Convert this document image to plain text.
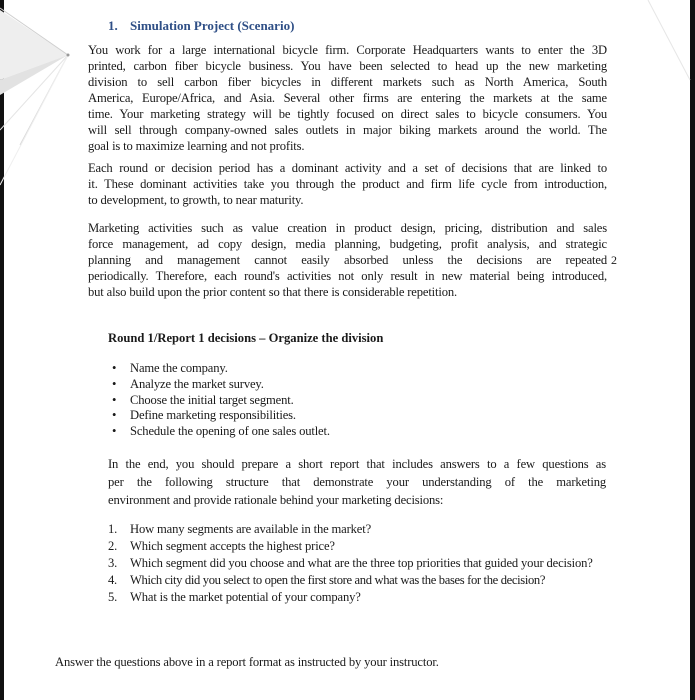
1. Simulation Project (Scenario)
You work for a large international bicycle firm. Corporate Headquarters wants to enter the 3D
printed, carbon fiber bicycle business. You have been selected to head up the new marketing
division to sell carbon fiber bicycles in different markets such as North America, South
America, Europe/Africa, and Asia. Several other firms are entering the markets at the same
time. Your marketing strategy will be tightly focused on direct sales to bicycle consumers. You
will sell through company-owned sales outlets in major biking markets around the world. The
goal is to maximize learning and not profits.
Each round or decision period has a dominant activity and a set of decisions that are linked to
it. These dominant activities take you through the product and firm life cycle from introduction,
to development, to growth, to near maturity.
Marketing activities such as value creation in product design, pricing, distribution and sales
force management, ad copy design, media planning, budgeting, profit analysis, and strategic
planning and management cannot easily absorbed unless the decisions are repeated
periodically. Therefore, each round's activities not only result in new material being introduced,
but also build upon the prior content so that there is considerable repetition.
2
Round 1/Report 1 decisions – Organize the division
• Name the company.
• Analyze the market survey.
• Choose the initial target segment.
• Define marketing responsibilities.
• Schedule the opening of one sales outlet.
In the end, you should prepare a short report that includes answers to a few questions as
per the following structure that demonstrate your understanding of the marketing
environment and provide rationale behind your marketing decisions:
1. How many segments are available in the market?
2. Which segment accepts the highest price?
3. Which segment did you choose and what are the three top priorities that guided your decision?
4. Which city did you select to open the first store and what was the bases for the decision?
5. What is the market potential of your company?
Answer the questions above in a report format as instructed by your instructor.
